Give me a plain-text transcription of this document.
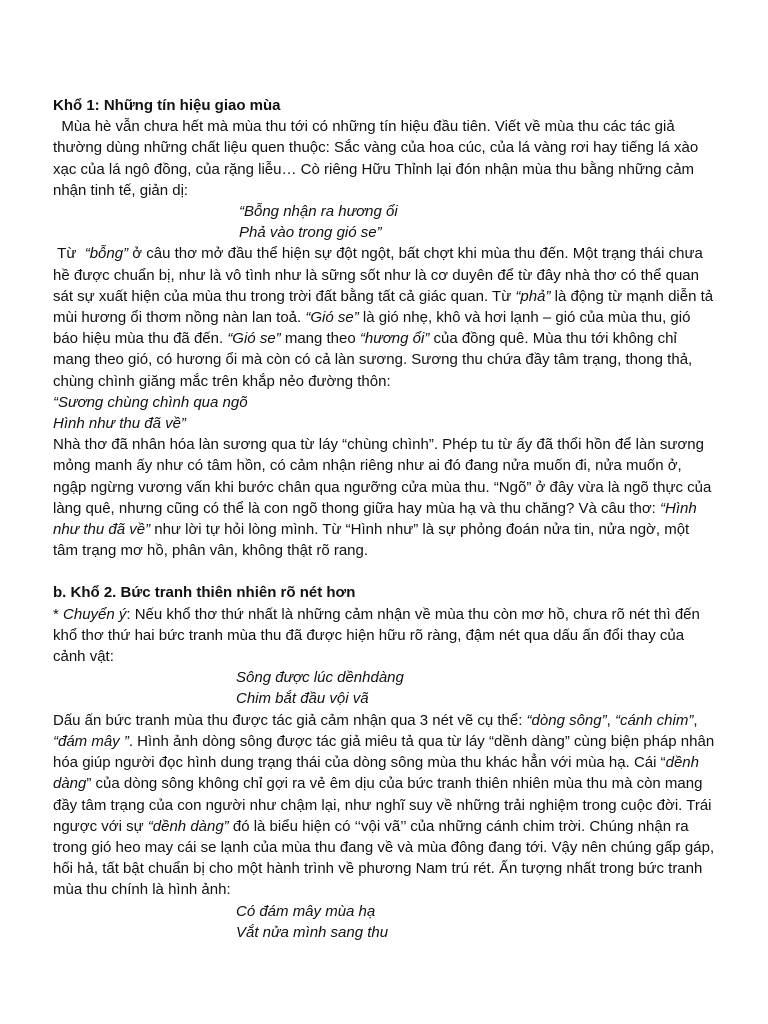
Khổ 1: Những tín hiệu giao mùa

Mùa hè vẫn chưa hết mà mùa thu tới có những tín hiệu đầu tiên. Viết về mùa thu các tác giả thường dùng những chất liệu quen thuộc: Sắc vàng của hoa cúc, của lá vàng rơi hay tiếng lá xào xạc của lá ngô đồng, của rặng liễu… Cò riêng Hữu Thỉnh lại đón nhận mùa thu bằng những cảm nhận tinh tế, giản dị:

“Bỗng nhận ra hương ổi

Phả vào trong gió se”

Từ  “bỗng” ở câu thơ mở đầu thể hiện sự đột ngột, bất chợt khi mùa thu đến. Một trạng thái chưa hề được chuẩn bị, như là vô tình như là sững sốt như là cơ duyên để từ đây nhà thơ có thể quan sát sự xuất hiện của mùa thu trong trời đất bằng tất cả giác quan. Từ “phả” là động từ mạnh diễn tả mùi hương ổi thơm nồng nàn lan toả. “Gió se” là gió nhẹ, khô và hơi lạnh – gió của mùa thu, gió báo hiệu mùa thu đã đến. “Gió se” mang theo “hương ổi” của đồng quê. Mùa thu tới không chỉ mang theo gió, có hương ổi mà còn có cả làn sương. Sương thu chứa đầy tâm trạng, thong thả, chùng chình giăng mắc trên khắp nẻo đường thôn:

“Sương chùng chình qua ngõ

Hình như thu đã về”

Nhà thơ đã nhân hóa làn sương qua từ láy “chùng chình”. Phép tu từ ấy đã thổi hồn để làn sương mỏng manh ấy như có tâm hồn, có cảm nhận riêng như ai đó đang nửa muốn đi, nửa muốn ở, ngập ngừng vương vấn khi bước chân qua ngưỡng cửa mùa thu. “Ngõ” ở đây vừa là ngõ thực của làng quê, nhưng cũng có thể là con ngõ thong giữa hay mùa hạ và thu chăng? Và câu thơ: “Hình như thu đã về” như lời tự hỏi lòng mình. Từ “Hình như” là sự phỏng đoán nửa tin, nửa ngờ, một tâm trạng mơ hồ, phân vân, không thật rõ rang.

b. Khổ 2. Bức tranh thiên nhiên rõ nét hơn

* Chuyển ý: Nếu khổ thơ thứ nhất là những cảm nhận về mùa thu còn mơ hồ, chưa rõ nét thì đến khổ thơ thứ hai bức tranh mùa thu đã được hiện hữu rõ ràng, đậm nét qua dấu ấn đổi thay của cảnh vật:

Sông được lúc dềnhdàng

Chim bắt đầu vội vã

Dấu ấn bức tranh mùa thu được tác giả cảm nhận qua 3 nét vẽ cụ thể: “dòng sông”, “cánh chim”, “đám mây ”. Hình ảnh dòng sông được tác giả miêu tả qua từ láy “dềnh dàng” cùng biện pháp nhân hóa giúp người đọc hình dung trạng thái của dòng sông mùa thu khác hẳn với mùa hạ. Cái “dềnh dàng” của dòng sông không chỉ gợi ra vẻ êm dịu của bức tranh thiên nhiên mùa thu mà còn mang đầy tâm trạng của con người như chậm lại, như nghĩ suy về những trải nghiệm trong cuộc đời. Trái ngược với sự “dềnh dàng” đó là biểu hiện có ‘‘vội vã’’ của những cánh chim trời. Chúng nhận ra trong gió heo may cái se lạnh của mùa thu đang về và mùa đông đang tới. Vậy nên chúng gấp gáp, hối hả, tất bật chuẩn bị cho một hành trình về phương Nam trú rét. Ấn tượng nhất trong bức tranh mùa thu chính là hình ảnh:

Có đám mây mùa hạ

Vắt nửa mình sang thu
